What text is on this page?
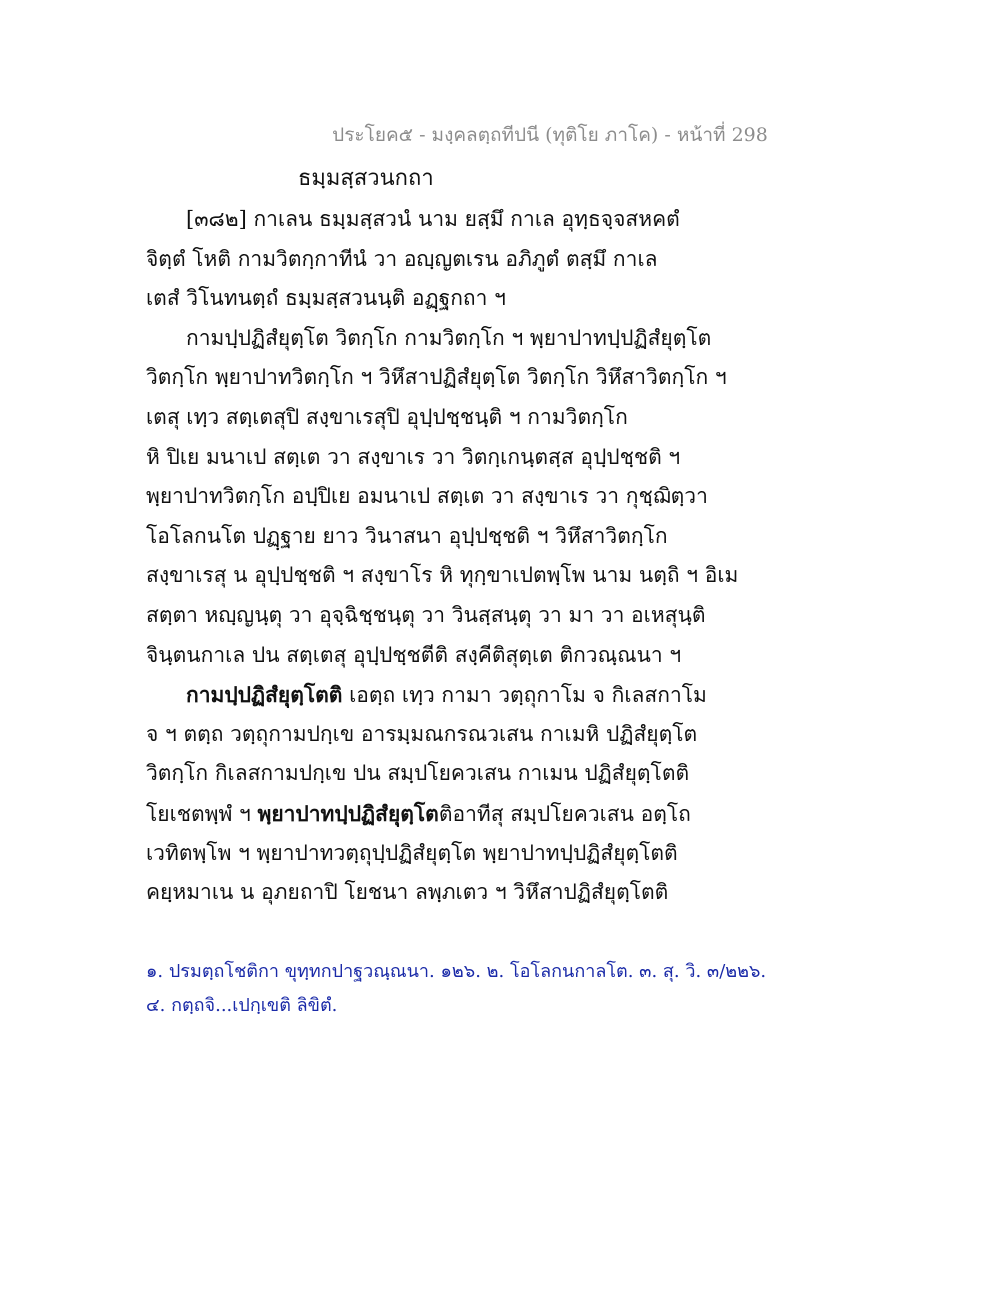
ประโยค๕ - มงฺคลตฺถทีปนี (ทุติโย ภาโค) - หน้าที่ 298
ธมฺมสฺสวนกถา
[๓๘๒] กาเลน ธมฺมสฺสวนํ นาม ยสฺมึ กาเล อุทฺธจฺจสหคตํ
จิตฺตํ โหติ กามวิตกฺกาทีนํ วา อญฺญตเรน อภิภูตํ ตสฺมึ กาเล
เตสํ วิโนทนตฺถํ ธมฺมสฺสวนนฺติ อฏฺฐกถา ฯ
กามปฺปฏิสํยุตฺโต วิตกฺโก กามวิตกฺโก ฯ พฺยาปาทปฺปฏิสํยุตฺโต
วิตกฺโก พฺยาปาทวิตกฺโก ฯ วิหึสาปฏิสํยุตฺโต วิตกฺโก วิหึสาวิตกฺโก ฯ
เตสุ เทฺว สตฺเตสุปิ สงฺขาเรสุปิ อุปฺปชฺชนฺติ ฯ กามวิตกฺโก
หิ ปิเย มนาเป สตฺเต วา สงฺขาเร วา วิตกฺเกนฺตสฺส อุปฺปชฺชติ ฯ
พฺยาปาทวิตกฺโก อปฺปิเย อมนาเป สตฺเต วา สงฺขาเร วา กุชฺฌิตฺวา
โอโลกนโต ปฏฺฐาย ยาว วินาสนา อุปฺปชฺชติ ฯ วิหึสาวิตกฺโก
สงฺขาเรสุ น อุปฺปชฺชติ ฯ สงฺขาโร หิ ทุกฺขาเปตพฺโพ นาม นตฺถิ ฯ อิเม
สตฺตา หญฺญนฺตุ วา อุจฺฉิชฺชนฺตุ วา วินสฺสนฺตุ วา มา วา อเหสุนฺติ
จินฺตนกาเล ปน สตฺเตสุ อุปฺปชฺชตีติ สงฺคีติสุตฺเต ติกวณฺณนา ฯ
กามปฺปฏิสํยุตฺโตติ เอตฺถ เทฺว กามา วตฺถุกาโม จ กิเลสกาโม
จ ฯ ตตฺถ วตฺถุกามปกฺเข อารมฺมณกรณวเสน กาเมหิ ปฏิสํยุตฺโต
วิตกฺโก กิเลสกามปกฺเข ปน สมฺปโยควเสน กาเมน ปฏิสํยุตฺโตติ
โยเชตพฺพํ ฯ พฺยาปาทปฺปฏิสํยุตฺโตติอาทีสุ สมฺปโยควเสน อตฺโถ
เวทิตพฺโพ ฯ พฺยาปาทวตฺถุปฺปฏิสํยุตฺโต พฺยาปาทปฺปฏิสํยุตฺโตติ
คยฺหมาเน น อุภยถาปิ โยชนา ลพฺภเตว ฯ วิหึสาปฏิสํยุตฺโตติ
๑. ปรมตฺถโชติกา ขุทฺทกปาฐวณฺณนา. ๑๒๖. ๒. โอโลกนกาลโต. ๓. สุ. วิ. ๓/๒๒๖.
๔. กตฺถจิ...เปกฺเขติ ลิขิตํ.
